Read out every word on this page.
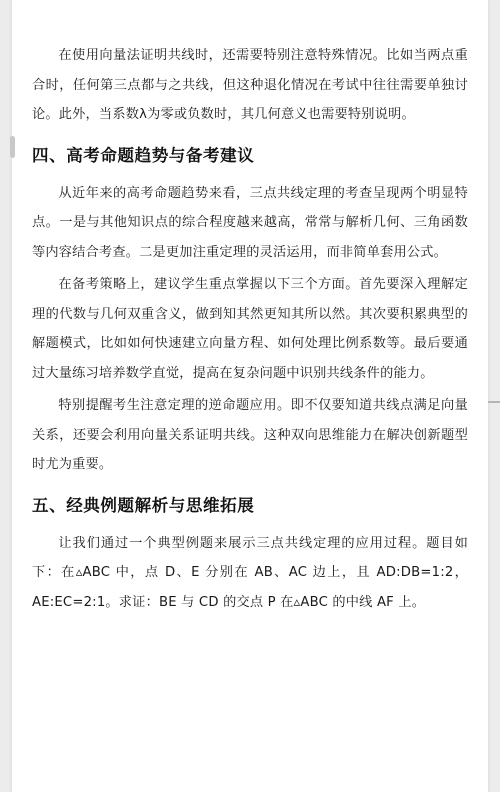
在使用向量法证明共线时，还需要特别注意特殊情况。比如当两点重合时，任何第三点都与之共线，但这种退化情况在考试中往往需要单独讨论。此外，当系数λ为零或负数时，其几何意义也需要特别说明。

四、高考命题趋势与备考建议

从近年来的高考命题趋势来看，三点共线定理的考查呈现两个明显特点。一是与其他知识点的综合程度越来越高，常常与解析几何、三角函数等内容结合考查。二是更加注重定理的灵活运用，而非简单套用公式。

在备考策略上，建议学生重点掌握以下三个方面。首先要深入理解定理的代数与几何双重含义，做到知其然更知其所以然。其次要积累典型的解题模式，比如如何快速建立向量方程、如何处理比例系数等。最后要通过大量练习培养数学直觉，提高在复杂问题中识别共线条件的能力。

特别提醒考生注意定理的逆命题应用。即不仅要知道共线点满足向量关系，还要会利用向量关系证明共线。这种双向思维能力在解决创新题型时尤为重要。

五、经典例题解析与思维拓展

让我们通过一个典型例题来展示三点共线定理的应用过程。题目如下：在▵ABC 中，点 D、E 分别在 AB、AC 边上，且 AD:DB=1:2，AE:EC=2:1。求证：BE 与 CD 的交点 P 在▵ABC 的中线 AF 上。
